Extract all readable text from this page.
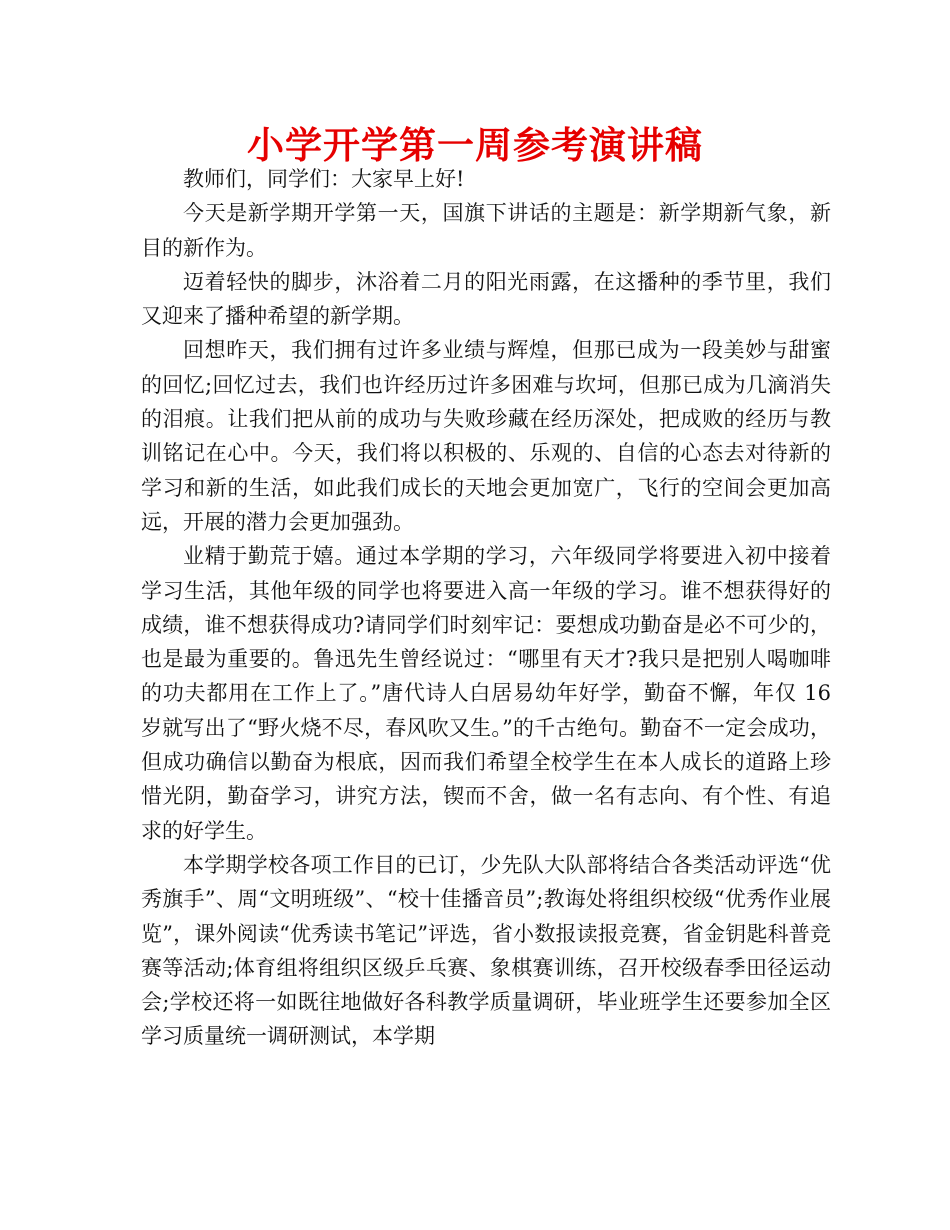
小学开学第一周参考演讲稿

教师们，同学们：大家早上好!

今天是新学期开学第一天，国旗下讲话的主题是：新学期新气象，新目的新作为。

迈着轻快的脚步，沐浴着二月的阳光雨露，在这播种的季节里，我们又迎来了播种希望的新学期。

回想昨天，我们拥有过许多业绩与辉煌，但那已成为一段美妙与甜蜜的回忆;回忆过去，我们也许经历过许多困难与坎坷，但那已成为几滴消失的泪痕。让我们把从前的成功与失败珍藏在经历深处，把成败的经历与教训铭记在心中。今天，我们将以积极的、乐观的、自信的心态去对待新的学习和新的生活，如此我们成长的天地会更加宽广，飞行的空间会更加高远，开展的潜力会更加强劲。

业精于勤荒于嬉。通过本学期的学习，六年级同学将要进入初中接着学习生活，其他年级的同学也将要进入高一年级的学习。谁不想获得好的成绩，谁不想获得成功?请同学们时刻牢记：要想成功勤奋是必不可少的，也是最为重要的。鲁迅先生曾经说过：“哪里有天才?我只是把别人喝咖啡的功夫都用在工作上了。”唐代诗人白居易幼年好学，勤奋不懈，年仅 16 岁就写出了“野火烧不尽，春风吹又生。”的千古绝句。勤奋不一定会成功，但成功确信以勤奋为根底，因而我们希望全校学生在本人成长的道路上珍惜光阴，勤奋学习，讲究方法，锲而不舍，做一名有志向、有个性、有追求的好学生。

本学期学校各项工作目的已订，少先队大队部将结合各类活动评选“优秀旗手”、周“文明班级”、“校十佳播音员”;教诲处将组织校级“优秀作业展览”，课外阅读“优秀读书笔记”评选，省小数报读报竞赛，省金钥匙科普竞赛等活动;体育组将组织区级乒乓赛、象棋赛训练，召开校级春季田径运动会;学校还将一如既往地做好各科教学质量调研，毕业班学生还要参加全区学习质量统一调研测试，本学期
